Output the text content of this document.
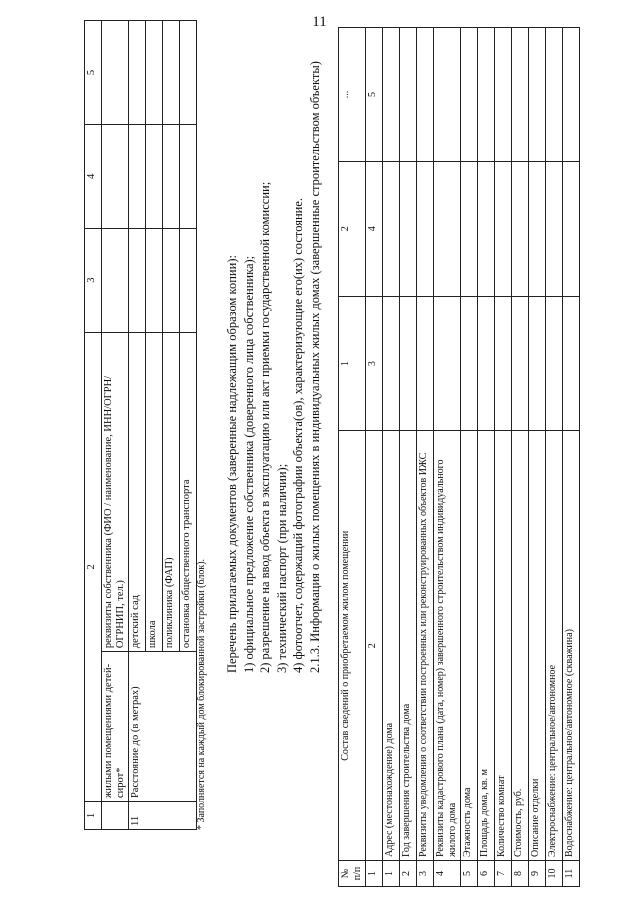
11
1	2		3	4	5
	жилыми помещениями детей-сирот*	реквизиты собственника (ФИО / наименование, ИНН/ОГРН/ОГРНИП, тел.)			
11	Расстояние до (в метрах)	детский сад			
		школа			
		поликлиника (ФАП)			
		остановка общественного транспорта			* Заполняется на каждый дом блокированной застройки (блок).
Перечень прилагаемых документов (заверенные надлежащим образом копии): 1) официальное предложение собственника (доверенного лица собственника); 2) разрешение на ввод объекта в эксплуатацию или акт приемки государственной комиссии; 3) технический паспорт (при наличии); 4) фотоотчет, содержащий фотографии объекта(ов), характеризующие его(их) состояние. 2.1.3. Информация о жилых помещениях в индивидуальных жилых домах (завершенные строительством объекты)
№ п/п	Состав сведений о приобретаемом жилом помещении	1	2	...
1	2	3	4	5
1	Адрес (местонахождение) дома			
2	Год завершения строительства дома			
3	Реквизиты уведомления о соответствии построенных или реконструированных объектов ИЖС			
4	Реквизиты кадастрового плана (дата, номер) завершенного строительством индивидуального жилого дома			
5	Этажность дома			
6	Площадь дома, кв. м			
7	Количество комнат			
8	Стоимость, руб.			
9	Описание отделки			
10	Электроснабжение: центральное/автономное			
11	Водоснабжение: центральное/автономное (скважина)			
